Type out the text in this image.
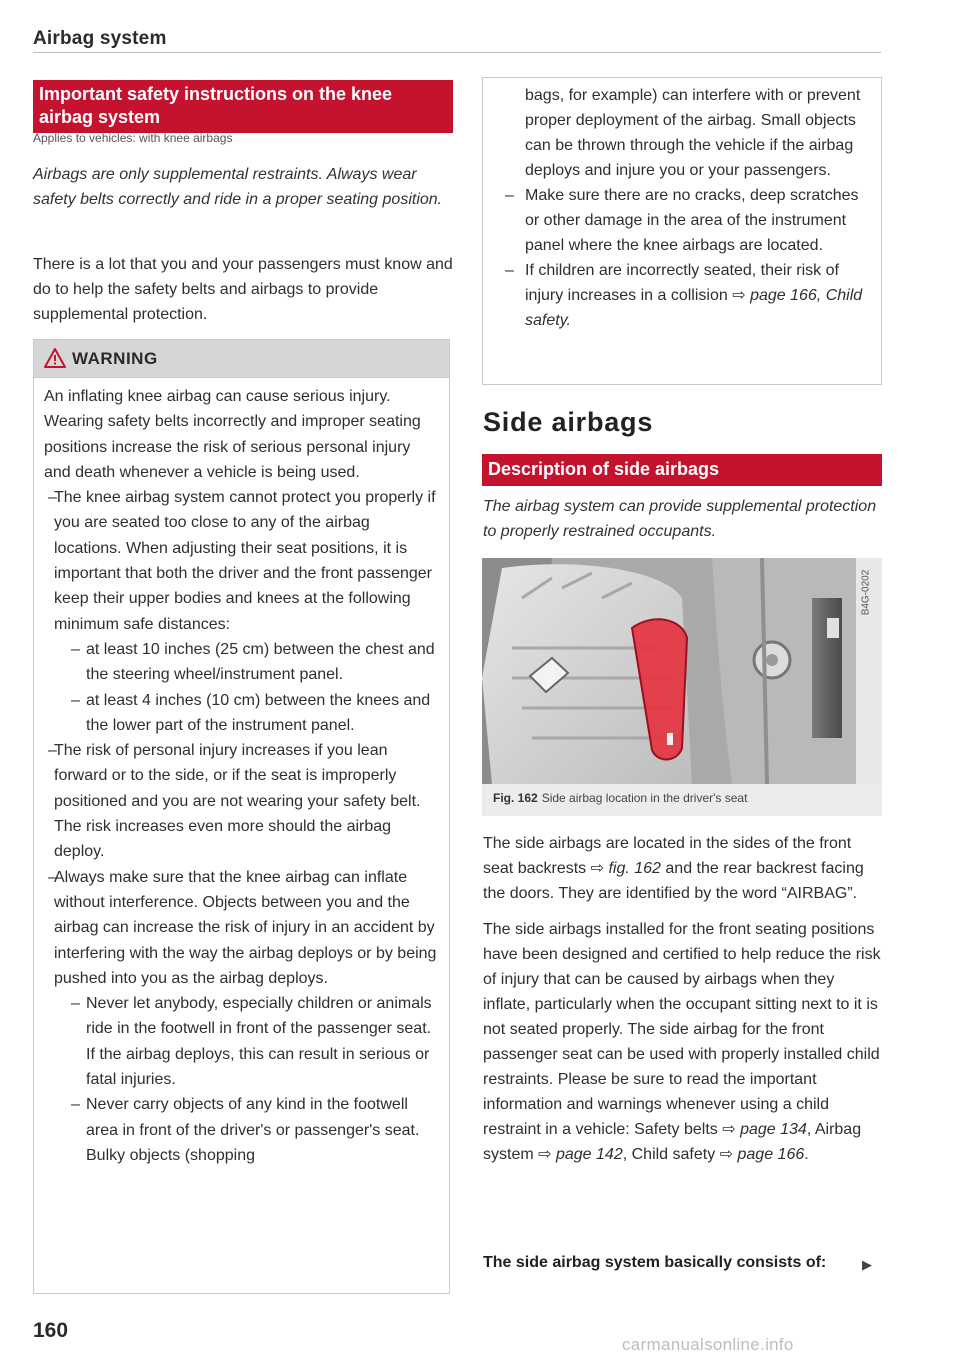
Airbag system
Important safety instructions on the knee airbag system
Applies to vehicles: with knee airbags
Airbags are only supplemental restraints. Always wear safety belts correctly and ride in a proper seating position.

There is a lot that you and your passengers must know and do to help the safety belts and airbags to provide supplemental protection.

WARNING

An inflating knee airbag can cause serious injury. Wearing safety belts incorrectly and improper seating positions increase the risk of serious personal injury and death whenever a vehicle is being used.

– The knee airbag system cannot protect you properly if you are seated too close to any of the airbag locations. When adjusting their seat positions, it is important that both the driver and the front passenger keep their upper bodies and knees at the following minimum safe distances:

– at least 10 inches (25 cm) between the chest and the steering wheel/instrument panel.

– at least 4 inches (10 cm) between the knees and the lower part of the instrument panel.

– The risk of personal injury increases if you lean forward or to the side, or if the seat is improperly positioned and you are not wearing your safety belt. The risk increases even more should the airbag deploy.

– Always make sure that the knee airbag can inflate without interference. Objects between you and the airbag can increase the risk of injury in an accident by interfering with the way the airbag deploys or by being pushed into you as the airbag deploys.

– Never let anybody, especially children or animals ride in the footwell in front of the passenger seat. If the airbag deploys, this can result in serious or fatal injuries.

– Never carry objects of any kind in the footwell area in front of the driver's or passenger's seat. Bulky objects (shopping

160

bags, for example) can interfere with or prevent proper deployment of the airbag. Small objects can be thrown through the vehicle if the airbag deploys and injure you or your passengers.

– Make sure there are no cracks, deep scratches or other damage in the area of the instrument panel where the knee airbags are located.

– If children are incorrectly seated, their risk of injury increases in a collision ⇨ page 166, Child safety.

Side airbags
Description of side airbags
The airbag system can provide supplemental protection to properly restrained occupants.
B4G-0202
Fig. 162 Side airbag location in the driver's seat

The side airbags are located in the sides of the front seat backrests ⇨ fig. 162 and the rear backrest facing the doors. They are identified by the word “AIRBAG”.

The side airbags installed for the front seating positions have been designed and certified to help reduce the risk of injury that can be caused by airbags when they inflate, particularly when the occupant sitting next to it is not seated properly. The side airbag for the front passenger seat can be used with properly installed child restraints. Please be sure to read the important information and warnings whenever using a child restraint in a vehicle: Safety belts ⇨ page 134, Airbag system ⇨ page 142, Child safety ⇨ page 166.

The side airbag system basically consists of:	▶
carmanualsonline.info
